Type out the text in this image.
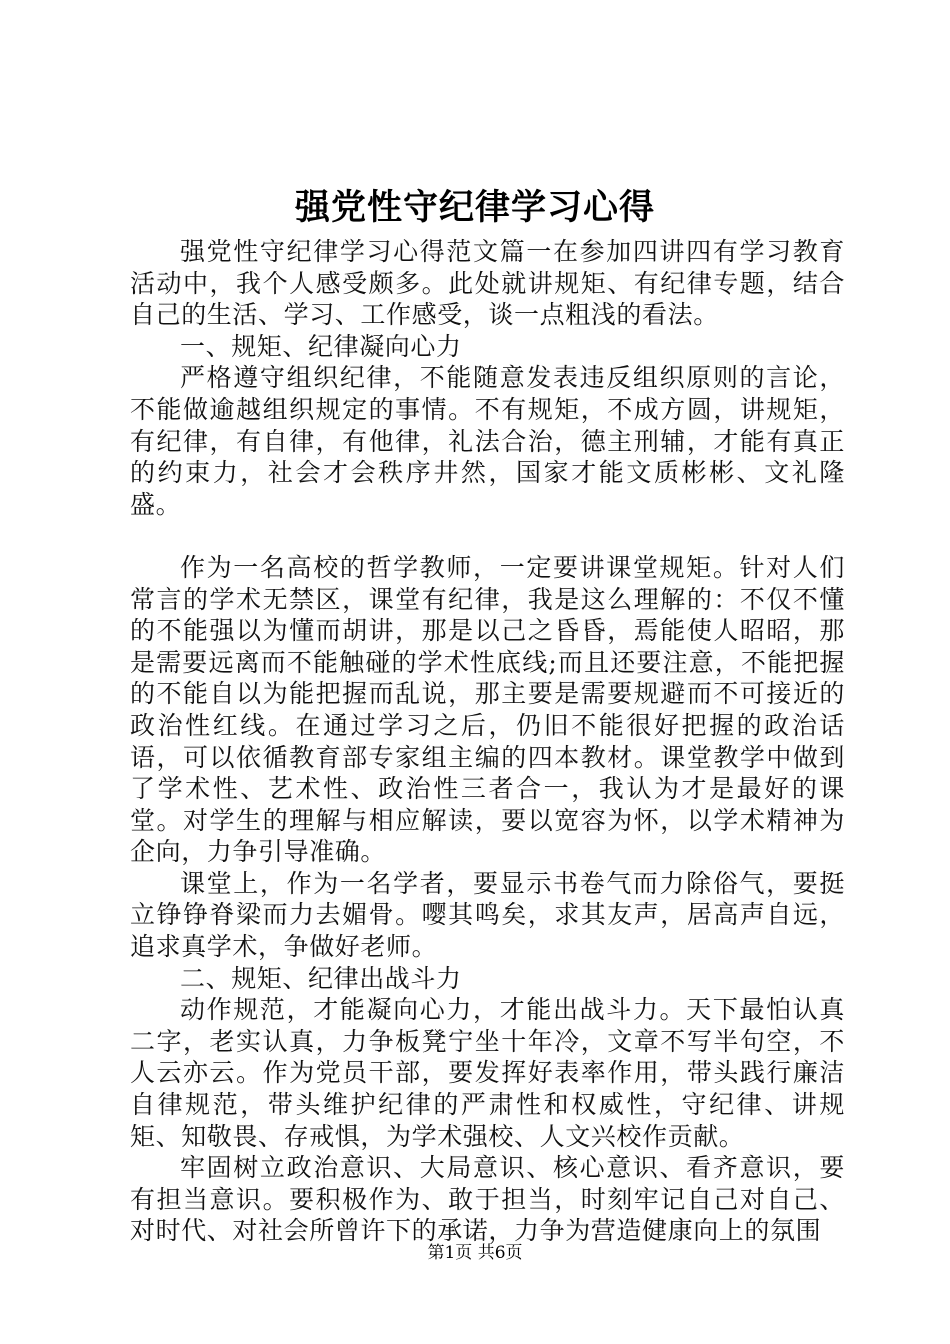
强党性守纪律学习心得

强党性守纪律学习心得范文篇一在参加四讲四有学习教育活动中，我个人感受颇多。此处就讲规矩、有纪律专题，结合自己的生活、学习、工作感受，谈一点粗浅的看法。

一、规矩、纪律凝向心力

严格遵守组织纪律，不能随意发表违反组织原则的言论，不能做逾越组织规定的事情。不有规矩，不成方圆，讲规矩，有纪律，有自律，有他律，礼法合治，德主刑辅，才能有真正的约束力，社会才会秩序井然，国家才能文质彬彬、文礼隆盛。

作为一名高校的哲学教师，一定要讲课堂规矩。针对人们常言的学术无禁区，课堂有纪律，我是这么理解的：不仅不懂的不能强以为懂而胡讲，那是以己之昏昏，焉能使人昭昭，那是需要远离而不能触碰的学术性底线;而且还要注意，不能把握的不能自以为能把握而乱说，那主要是需要规避而不可接近的政治性红线。在通过学习之后，仍旧不能很好把握的政治话语，可以依循教育部专家组主编的四本教材。课堂教学中做到了学术性、艺术性、政治性三者合一，我认为才是最好的课堂。对学生的理解与相应解读，要以宽容为怀，以学术精神为企向，力争引导准确。

课堂上，作为一名学者，要显示书卷气而力除俗气，要挺立铮铮脊梁而力去媚骨。嘤其鸣矣，求其友声，居高声自远，追求真学术，争做好老师。

二、规矩、纪律出战斗力

动作规范，才能凝向心力，才能出战斗力。天下最怕认真二字，老实认真，力争板凳宁坐十年冷，文章不写半句空，不人云亦云。作为党员干部，要发挥好表率作用，带头践行廉洁自律规范，带头维护纪律的严肃性和权威性，守纪律、讲规矩、知敬畏、存戒惧，为学术强校、人文兴校作贡献。

牢固树立政治意识、大局意识、核心意识、看齐意识，要有担当意识。要积极作为、敢于担当，时刻牢记自己对自己、对时代、对社会所曾许下的承诺，力争为营造健康向上的氛围

第1页 共6页
